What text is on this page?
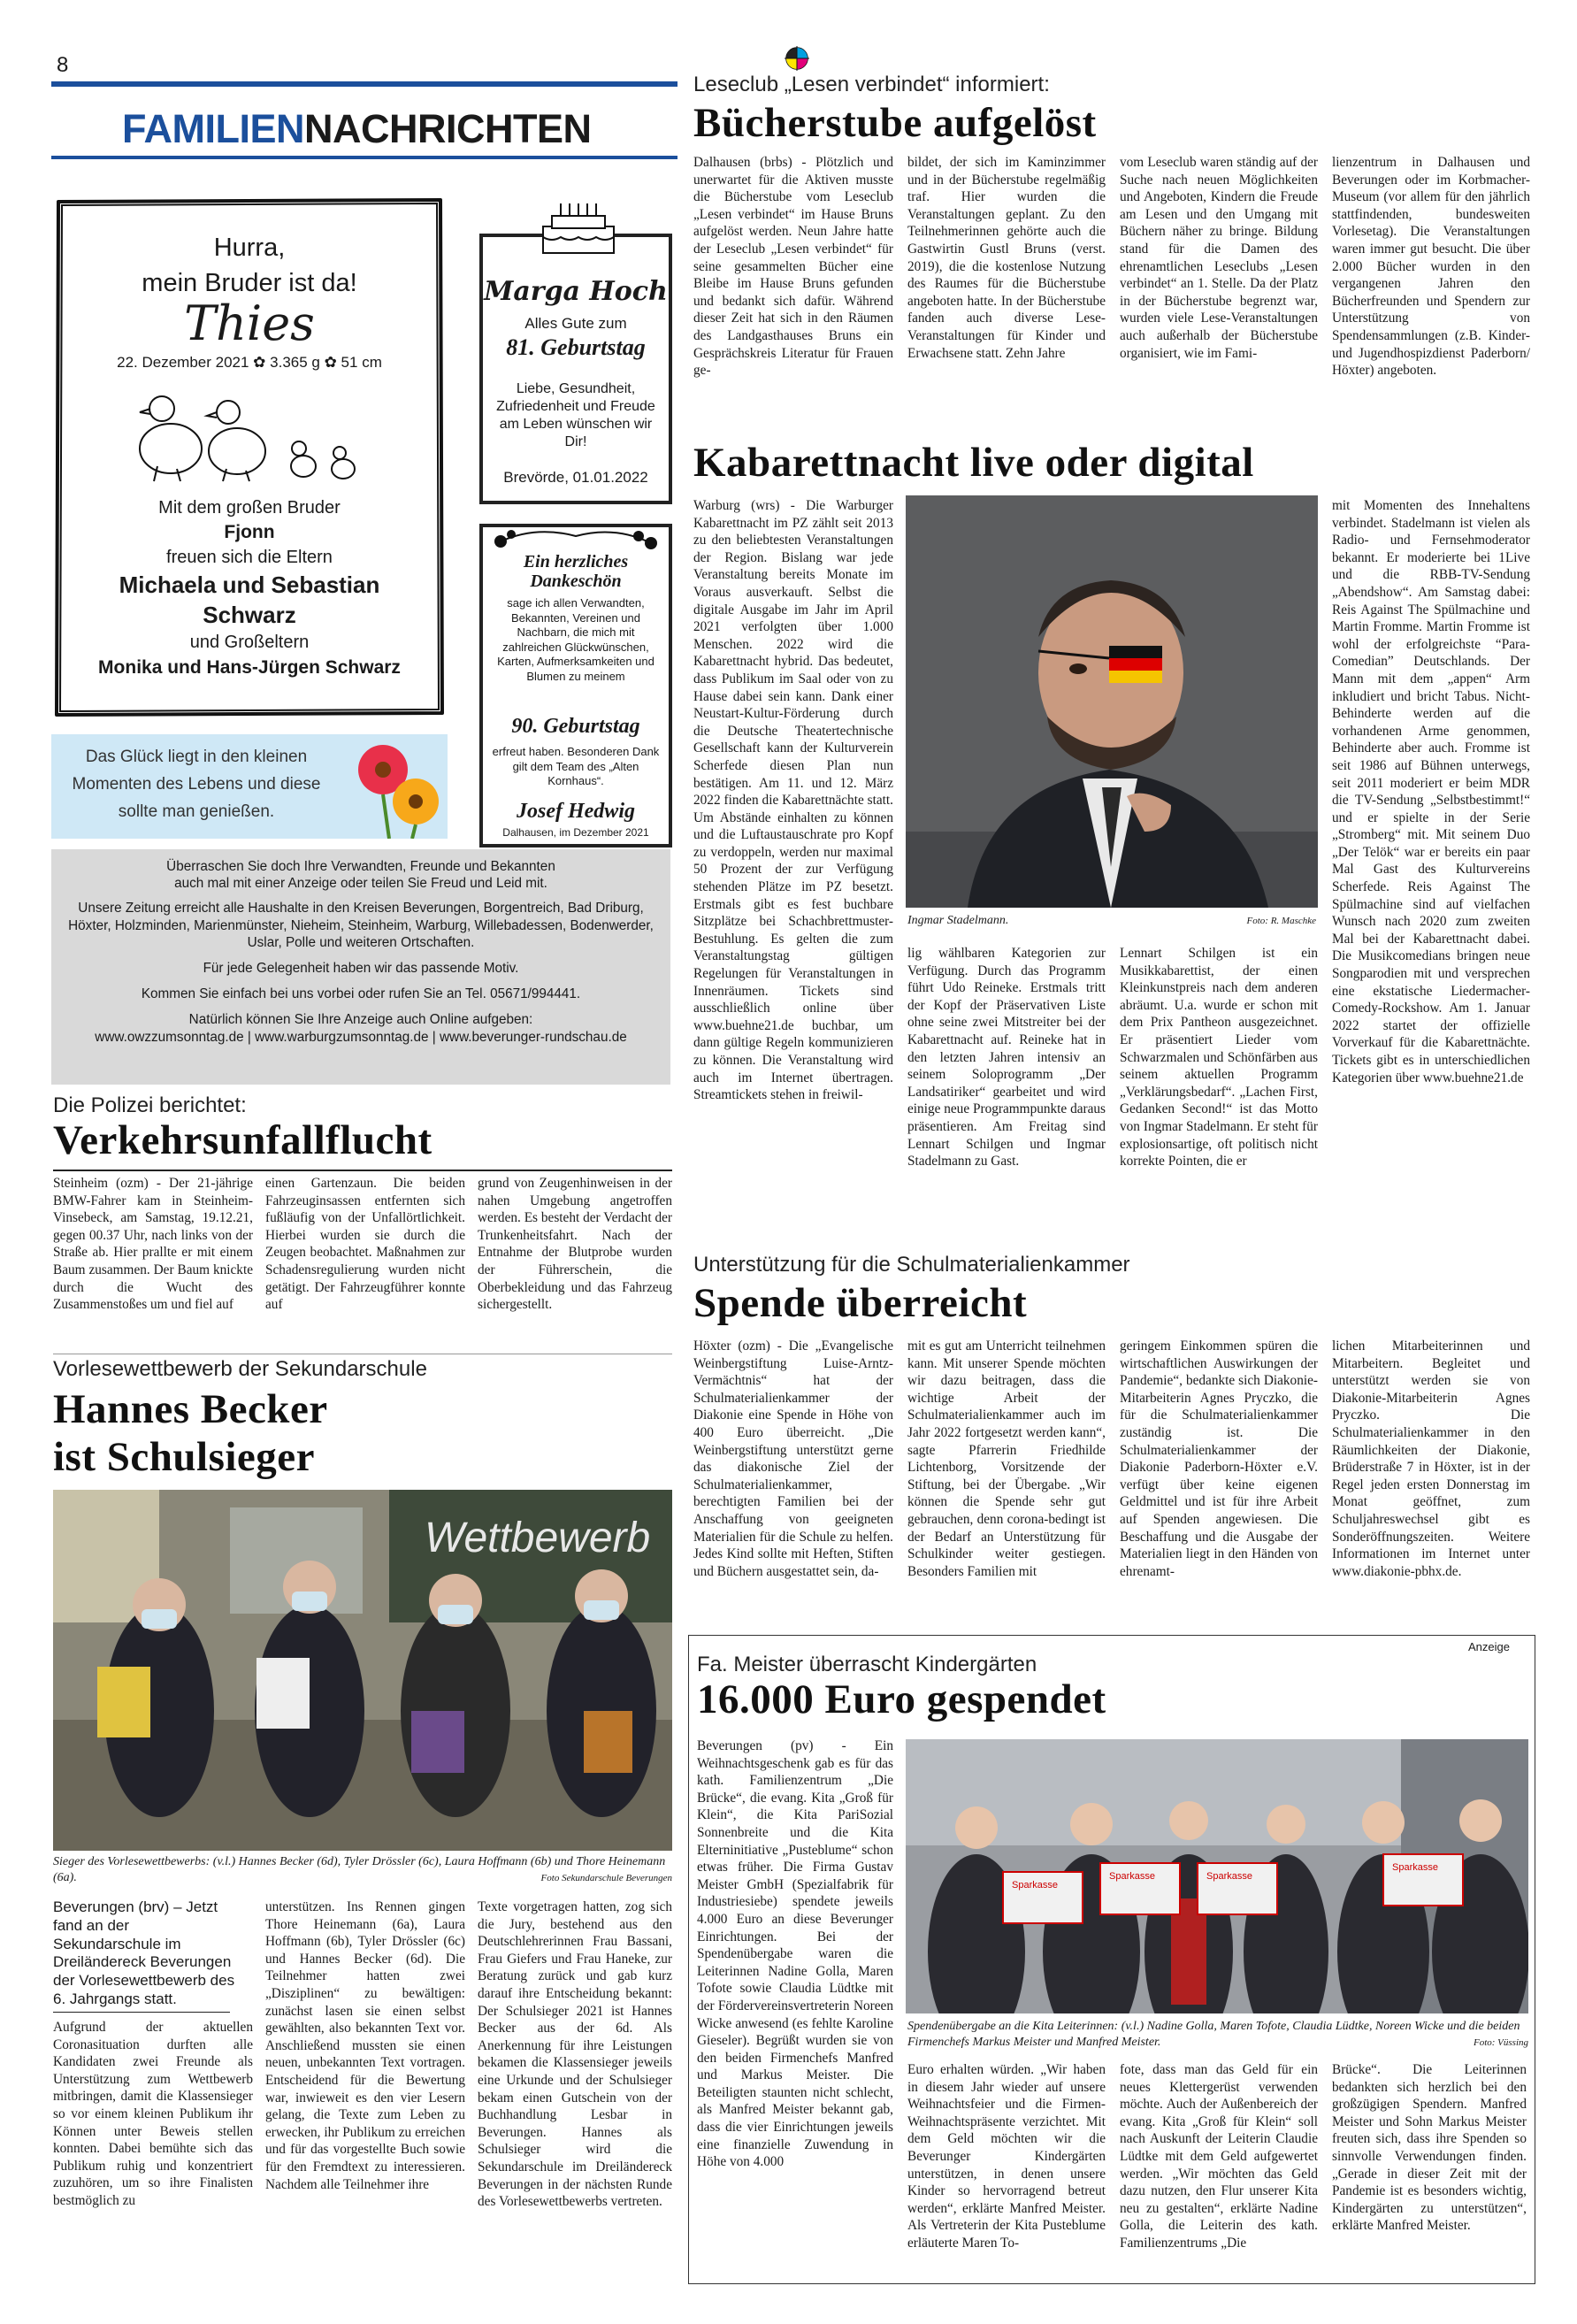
8
FAMILIENNACHRICHTEN
Hurra,
mein Bruder ist da!
Thies
22. Dezember 2021 ✿ 3.365 g ✿ 51 cm
Mit dem großen Bruder
Fjonn
freuen sich die Eltern
Michaela und Sebastian Schwarz
und Großeltern
Monika und Hans-Jürgen Schwarz
Marga Hoch
Alles Gute zum
81. Geburtstag
Liebe, Gesundheit, Zufriedenheit und Freude am Leben wünschen wir Dir!
Brevörde, 01.01.2022
Ein herzliches Dankeschön
sage ich allen Verwandten, Bekannten, Vereinen und Nachbarn, die mich mit zahlreichen Glückwünschen, Karten, Aufmerksamkeiten und Blumen zu meinem
90. Geburtstag
erfreut haben. Besonderen Dank gilt dem Team des „Alten Kornhaus“.
Josef Hedwig
Dalhausen, im Dezember 2021
Das Glück liegt in den kleinen Momenten des Lebens und diese sollte man genießen.
Überraschen Sie doch Ihre Verwandten, Freunde und Bekannten auch mal mit einer Anzeige oder teilen Sie Freud und Leid mit.
Unsere Zeitung erreicht alle Haushalte in den Kreisen Beverungen, Borgentreich, Bad Driburg, Höxter, Holzminden, Marienmünster, Nieheim, Steinheim, Warburg, Willebadessen, Bodenwerder, Uslar, Polle und weiteren Ortschaften.
Für jede Gelegenheit haben wir das passende Motiv.
Kommen Sie einfach bei uns vorbei oder rufen Sie an Tel. 05671/994441.
Natürlich können Sie Ihre Anzeige auch Online aufgeben:
www.owzzumsonntag.de | www.warburgzumsonntag.de | www.beverunger-rundschau.de
Die Polizei berichtet:
Verkehrsunfallflucht
Steinheim (ozm) - Der 21-jährige BMW-Fahrer kam in Steinheim-Vinsebeck, am Samstag, 19.12.21, gegen 00.37 Uhr, nach links von der Straße ab. Hier prallte er mit einem Baum zusammen. Der Baum knickte durch die Wucht des Zusammenstoßes um und fiel auf
einen Gartenzaun. Die beiden Fahrzeuginsassen entfernten sich fußläufig von der Unfallörtlichkeit. Hierbei wurden sie durch die Zeugen beobachtet. Maßnahmen zur Schadensregulierung wurden nicht getätigt. Der Fahrzeugführer konnte auf
grund von Zeugenhinweisen in der nahen Umgebung angetroffen werden. Es besteht der Verdacht der Trunkenheitsfahrt. Nach der Entnahme der Blutprobe wurden der Führerschein, die Oberbekleidung und das Fahrzeug sichergestellt.
Vorlesewettbewerb der Sekundarschule
Hannes Becker
ist Schulsieger
Wettbewerb
Sieger des Vorlesewettbewerbs: (v.l.) Hannes Becker (6d), Tyler Drössler (6c), Laura Hoffmann (6b) und Thore Heinemann (6a).	Foto Sekundarschule Beverungen
Beverungen (brv) – Jetzt fand an der Sekundarschule im Dreiländereck Beverungen der Vorlesewettbewerb des 6. Jahrgangs statt.
Aufgrund der aktuellen Coronasituation durften alle Kandidaten zwei Freunde als Unterstützung zum Wettbewerb mitbringen, damit die Klassensieger so vor einem kleinen Publikum ihr Können unter Beweis stellen konnten. Dabei bemühte sich das Publikum ruhig und konzentriert zuzuhören, um so ihre Finalisten bestmöglich zu
unterstützen. Ins Rennen gingen Thore Heinemann (6a), Laura Hoffmann (6b), Tyler Drössler (6c) und Hannes Becker (6d). Die Teilnehmer hatten zwei „Disziplinen“ zu bewältigen: zunächst lasen sie einen selbst gewählten, also bekannten Text vor. Anschließend mussten sie einen neuen, unbekannten Text vortragen. Entscheidend für die Bewertung war, inwieweit es den vier Lesern gelang, die Texte zum Leben zu erwecken, ihr Publikum zu erreichen und für das vorgestellte Buch sowie für den Fremdtext zu interessieren. Nachdem alle Teilnehmer ihre
Texte vorgetragen hatten, zog sich die Jury, bestehend aus den Deutschlehrerinnen Frau Bassani, Frau Giefers und Frau Haneke, zur Beratung zurück und gab kurz darauf ihre Entscheidung bekannt: Der Schulsieger 2021 ist Hannes Becker aus der 6d. Als Anerkennung für ihre Leistungen bekamen die Klassensieger jeweils eine Urkunde und der Schulsieger bekam einen Gutschein von der Buchhandlung Lesbar in Beverungen. Hannes als Schulsieger wird die Sekundarschule im Dreiländereck Beverungen in der nächsten Runde des Vorlesewettbewerbs vertreten.
Leseclub „Lesen verbindet“ informiert:
Bücherstube aufgelöst
Dalhausen (brbs) - Plötzlich und unerwartet für die Aktiven musste die Bücherstube vom Leseclub „Lesen verbindet“ im Hause Bruns aufgelöst werden. Neun Jahre hatte der Leseclub „Lesen verbindet“ für seine gesammelten Bücher eine Bleibe im Hause Bruns gefunden und bedankt sich dafür. Während dieser Zeit hat sich in den Räumen des Landgasthauses Bruns ein Gesprächskreis Literatur für Frauen ge-
bildet, der sich im Kaminzimmer und in der Bücherstube regelmäßig traf. Hier wurden die Veranstaltungen geplant. Zu den Teilnehmerinnen gehörte auch die Gastwirtin Gustl Bruns (verst. 2019), die die kostenlose Nutzung des Raumes für die Bücherstube angeboten hatte. In der Bücherstube fanden auch diverse Lese-Veranstaltungen für Kinder und Erwachsene statt. Zehn Jahre
vom Leseclub waren ständig auf der Suche nach neuen Möglichkeiten und Angeboten, Kindern die Freude am Lesen und den Umgang mit Büchern näher zu bringe. Bildung stand für die Damen des ehrenamtlichen Leseclubs „Lesen verbindet“ an 1. Stelle. Da der Platz in der Bücherstube begrenzt war, wurden viele Lese-Veranstaltungen auch außerhalb der Bücherstube organisiert, wie im Fami-
lienzentrum in Dalhausen und Beverungen oder im Korbmacher-Museum (vor allem für den jährlich stattfindenden, bundesweiten Vorlesetag). Die Veranstaltungen waren immer gut besucht. Die über 2.000 Bücher wurden in den vergangenen Jahren den Bücherfreunden und Spendern zur Unterstützung von Spendensammlungen (z.B. Kinder- und Jugendhospizdienst Paderborn/ Höxter) angeboten.
Kabarettnacht live oder digital
Warburg (wrs) - Die Warburger Kabarettnacht im PZ zählt seit 2013 zu den beliebtesten Veranstaltungen der Region. Bislang war jede Veranstaltung bereits Monate im Voraus ausverkauft. Selbst die digitale Ausgabe im Jahr im April 2021 verfolgten über 1.000 Menschen. 2022 wird die Kabarettnacht hybrid. Das bedeutet, dass Publikum im Saal oder von zu Hause dabei sein kann. Dank einer Neustart-Kultur-Förderung durch die Deutsche Theatertechnische Gesellschaft kann der Kulturverein Scherfede diesen Plan nun bestätigen. Am 11. und 12. März 2022 finden die Kabarettnächte statt. Um Abstände einhalten zu können und die Luftaustauschrate pro Kopf zu verdoppeln, werden nur maximal 50 Prozent der zur Verfügung stehenden Plätze im PZ besetzt. Erstmals gibt es fest buchbare Sitzplätze bei Schachbrettmuster-Bestuhlung. Es gelten die zum Veranstaltungstag gültigen Regelungen für Veranstaltungen in Innenräumen. Tickets sind ausschließlich online über www.buehne21.de buchbar, um dann gültige Regeln kommunizieren zu können. Die Veranstaltung wird auch im Internet übertragen. Streamtickets stehen in freiwil-
Ingmar Stadelmann.	Foto: R. Maschke
lig wählbaren Kategorien zur Verfügung. Durch das Programm führt Udo Reineke. Erstmals tritt der Kopf der Präservativen Liste ohne seine zwei Mitstreiter bei der Kabarettnacht auf. Reineke hat in den letzten Jahren intensiv an seinem Soloprogramm „Der Landsatiriker“ gearbeitet und wird einige neue Programmpunkte daraus präsentieren. Am Freitag sind Lennart Schilgen und Ingmar Stadelmann zu Gast.
Lennart Schilgen ist ein Musikkabarettist, der einen Kleinkunstpreis nach dem anderen abräumt. U.a. wurde er schon mit dem Prix Pantheon ausgezeichnet. Er präsentiert Lieder vom Schwarzmalen und Schönfärben aus seinem aktuellen Programm „Verklärungsbedarf“. „Lachen First, Gedanken Second!“ ist das Motto von Ingmar Stadelmann. Er steht für explosionsartige, oft politisch nicht korrekte Pointen, die er
mit Momenten des Innehaltens verbindet. Stadelmann ist vielen als Radio- und Fernsehmoderator bekannt. Er moderierte bei 1Live und die RBB-TV-Sendung „Abendshow“. Am Samstag dabei: Reis Against The Spülmachine und Martin Fromme. Martin Fromme ist wohl der erfolgreichste “Para-Comedian” Deutschlands. Der Mann mit dem „appen“ Arm inkludiert und bricht Tabus. Nicht-Behinderte werden auf die vorhandenen Arme genommen, Behinderte aber auch. Fromme ist seit 1986 auf Bühnen unterwegs, seit 2011 moderiert er beim MDR die TV-Sendung „Selbstbestimmt!“ und er spielte in der Serie „Stromberg“ mit. Mit seinem Duo „Der Telök“ war er bereits ein paar Mal Gast des Kulturvereins Scherfede. Reis Against The Spülmachine sind auf vielfachen Wunsch nach 2020 zum zweiten Mal bei der Kabarettnacht dabei. Die Musikcomedians bringen neue Songparodien mit und versprechen eine ekstatische Liedermacher-Comedy-Rockshow. Am 1. Januar 2022 startet der offizielle Vorverkauf für die Kabarettnächte. Tickets gibt es in unterschiedlichen Kategorien über www.buehne21.de
Unterstützung für die Schulmaterialienkammer
Spende überreicht
Höxter (ozm) - Die „Evangelische Weinbergstiftung Luise-Arntz-Vermächtnis“ hat der Schulmaterialienkammer der Diakonie eine Spende in Höhe von 400 Euro überreicht. „Die Weinbergstiftung unterstützt gerne das diakonische Ziel der Schulmaterialienkammer, berechtigten Familien bei der Anschaffung von geeigneten Materialien für die Schule zu helfen. Jedes Kind sollte mit Heften, Stiften und Büchern ausgestattet sein, da-
mit es gut am Unterricht teilnehmen kann. Mit unserer Spende möchten wir dazu beitragen, dass die wichtige Arbeit der Schulmaterialienkammer auch im Jahr 2022 fortgesetzt werden kann“, sagte Pfarrerin Friedhilde Lichtenborg, Vorsitzende der Stiftung, bei der Übergabe. „Wir können die Spende sehr gut gebrauchen, denn corona-bedingt ist der Bedarf an Unterstützung für Schulkinder weiter gestiegen. Besonders Familien mit
geringem Einkommen spüren die wirtschaftlichen Auswirkungen der Pandemie“, bedankte sich Diakonie-Mitarbeiterin Agnes Pryczko, die für die Schulmaterialienkammer zuständig ist. Die Schulmaterialienkammer der Diakonie Paderborn-Höxter e.V. verfügt über keine eigenen Geldmittel und ist für ihre Arbeit auf Spenden angewiesen. Die Beschaffung und die Ausgabe der Materialien liegt in den Händen von ehrenamt-
lichen Mitarbeiterinnen und Mitarbeitern. Begleitet und unterstützt werden sie von Diakonie-Mitarbeiterin Agnes Pryczko. Die Schulmaterialienkammer in den Räumlichkeiten der Diakonie, Brüderstraße 7 in Höxter, ist in der Regel jeden ersten Donnerstag im Monat geöffnet, zum Schuljahreswechsel gibt es Sonderöffnungszeiten. Weitere Informationen im Internet unter www.diakonie-pbhx.de.
Anzeige
Fa. Meister überrascht Kindergärten
16.000 Euro gespendet
Beverungen (pv) - Ein Weihnachtsgeschenk gab es für das kath. Familienzentrum „Die Brücke“, die evang. Kita „Groß für Klein“, die Kita PariSozial Sonnenbreite und die Kita Elterninitiative „Pusteblume“ schon etwas früher. Die Firma Gustav Meister GmbH (Spezialfabrik für Industriesiebe) spendete jeweils 4.000 Euro an diese Beverunger Einrichtungen. Bei der Spendenübergabe waren die Leiterinnen Nadine Golla, Maren Tofote sowie Claudia Lüdtke mit der Fördervereinsvertreterin Noreen Wicke anwesend (es fehlte Karoline Gieseler). Begrüßt wurden sie von den beiden Firmenchefs Manfred und Markus Meister. Die Beteiligten staunten nicht schlecht, als Manfred Meister bekannt gab, dass die vier Einrichtungen jeweils eine finanzielle Zuwendung in Höhe von 4.000
Sparkasse
Sparkasse	Sparkasse
Sparkasse
Spendenübergabe an die Kita Leiterinnen: (v.l.) Nadine Golla, Maren Tofote, Claudia Lüdtke, Noreen Wicke und die beiden Firmenchefs Markus Meister und Manfred Meister.	Foto: Vüssing
Euro erhalten würden. „Wir haben in diesem Jahr wieder auf unsere Weihnachtsfeier und die Firmen-Weihnachtspräsente verzichtet. Mit dem Geld möchten wir die Beverunger Kindergärten unterstützen, in denen unsere Kinder so hervorragend betreut werden“, erklärte Manfred Meister. Als Vertreterin der Kita Pusteblume erläuterte Maren To-
fote, dass man das Geld für ein neues Klettergerüst verwenden möchte. Auch der Außenbereich der evang. Kita „Groß für Klein“ soll nach Auskunft der Leiterin Claudie Lüdtke mit dem Geld aufgewertet werden. „Wir möchten das Geld dazu nutzen, den Flur unserer Kita neu zu gestalten“, erklärte Nadine Golla, die Leiterin des kath. Familienzentrums „Die
Brücke“. Die Leiterinnen bedankten sich herzlich bei den großzügigen Spendern. Manfred Meister und Sohn Markus Meister freuten sich, dass ihre Spenden so sinnvolle Verwendungen finden. „Gerade in dieser Zeit mit der Pandemie ist es besonders wichtig, Kindergärten zu unterstützen“, erklärte Manfred Meister.
